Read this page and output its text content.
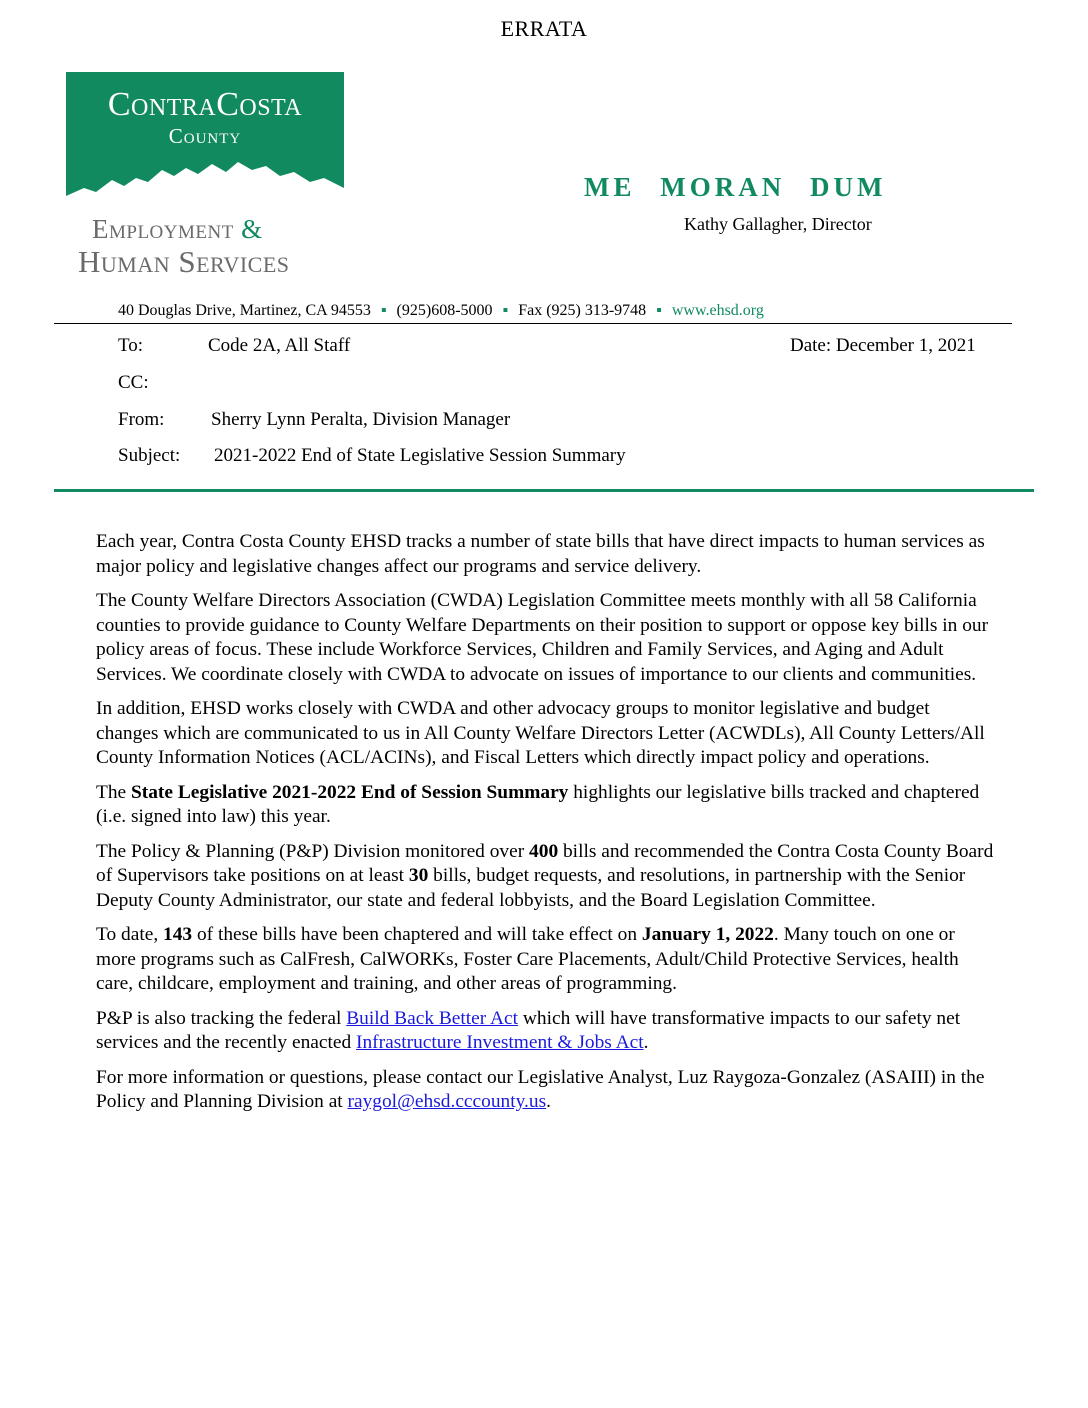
ERRATA
ContraCosta
County
Employment &
Human Services
ME MORAN DUM
Kathy Gallagher, Director
40 Douglas Drive, Martinez, CA 94553 ▪ (925)608-5000 ▪ Fax (925) 313-9748 ▪ www.ehsd.org
To:	Code 2A, All Staff	Date: December 1, 2021
CC:
From: Sherry Lynn Peralta, Division Manager
Subject: 2021-2022 End of State Legislative Session Summary

Each year, Contra Costa County EHSD tracks a number of state bills that have direct impacts to human services as major policy and legislative changes affect our programs and service delivery.

The County Welfare Directors Association (CWDA) Legislation Committee meets monthly with all 58 California counties to provide guidance to County Welfare Departments on their position to support or oppose key bills in our policy areas of focus. These include Workforce Services, Children and Family Services, and Aging and Adult Services. We coordinate closely with CWDA to advocate on issues of importance to our clients and communities.

In addition, EHSD works closely with CWDA and other advocacy groups to monitor legislative and budget changes which are communicated to us in All County Welfare Directors Letter (ACWDLs), All County Letters/All County Information Notices (ACL/ACINs), and Fiscal Letters which directly impact policy and operations.

The State Legislative 2021-2022 End of Session Summary highlights our legislative bills tracked and chaptered (i.e. signed into law) this year.

The Policy & Planning (P&P) Division monitored over 400 bills and recommended the Contra Costa County Board of Supervisors take positions on at least 30 bills, budget requests, and resolutions, in partnership with the Senior Deputy County Administrator, our state and federal lobbyists, and the Board Legislation Committee.

To date, 143 of these bills have been chaptered and will take effect on January 1, 2022. Many touch on one or more programs such as CalFresh, CalWORKs, Foster Care Placements, Adult/Child Protective Services, health care, childcare, employment and training, and other areas of programming.

P&P is also tracking the federal Build Back Better Act which will have transformative impacts to our safety net services and the recently enacted Infrastructure Investment & Jobs Act.

For more information or questions, please contact our Legislative Analyst, Luz Raygoza-Gonzalez (ASAIII) in the Policy and Planning Division at raygol@ehsd.cccounty.us.
